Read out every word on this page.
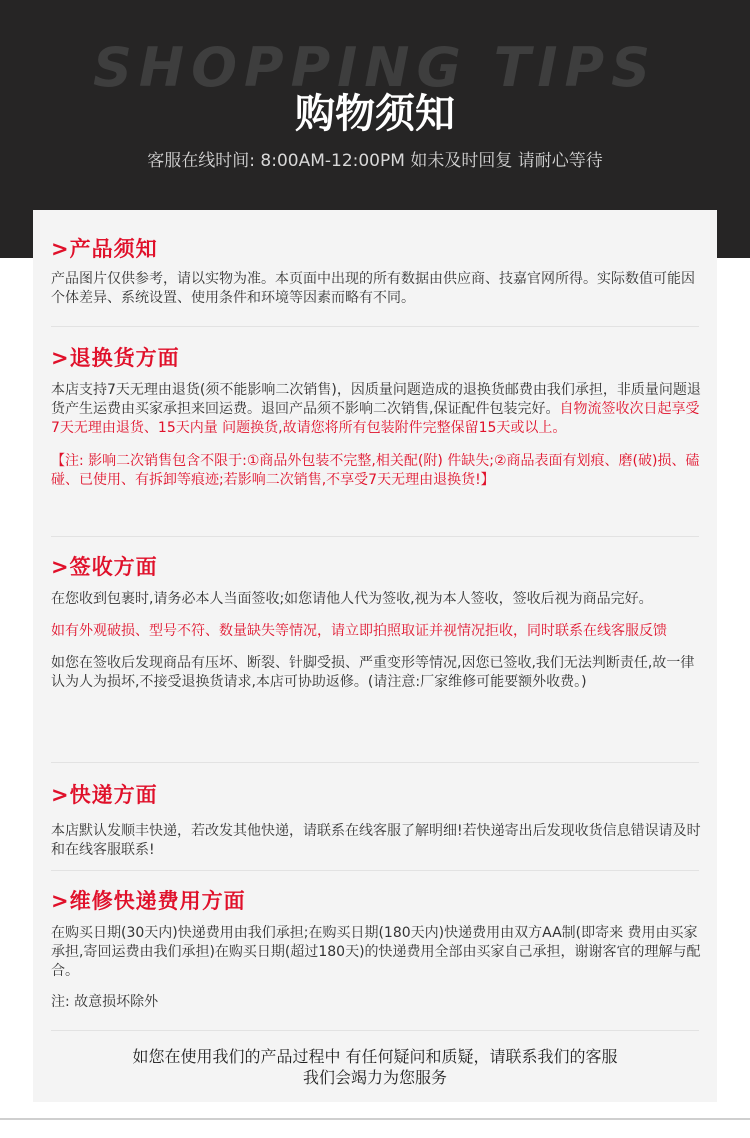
SHOPPING TIPS
购物须知
客服在线时间: 8:00AM-12:00PM 如未及时回复 请耐心等待
>产品须知

产品图片仅供参考，请以实物为准。本页面中出现的所有数据由供应商、技嘉官网所得。实际数值可能因个体差异、系统设置、使用条件和环境等因素而略有不同。

>退换货方面

本店支持7天无理由退货(须不能影响二次销售)，因质量问题造成的退换货邮费由我们承担，非质量问题退货产生运费由买家承担来回运费。退回产品须不影响二次销售,保证配件包装完好。自物流签收次日起享受7天无理由退货、15天内量 问题换货,故请您将所有包装附件完整保留15天或以上。

【注: 影响二次销售包含不限于:①商品外包装不完整,相关配(附) 件缺失;②商品表面有划痕、磨(破)损、磕碰、已使用、有拆卸等痕迹;若影响二次销售,不享受7天无理由退换货!】

>签收方面

在您收到包裹时,请务必本人当面签收;如您请他人代为签收,视为本人签收，签收后视为商品完好。

如有外观破损、型号不符、数量缺失等情况，请立即拍照取证并视情况拒收，同时联系在线客服反馈

如您在签收后发现商品有压坏、断裂、针脚受损、严重变形等情况,因您已签收,我们无法判断责任,故一律认为人为损坏,不接受退换货请求,本店可协助返修。(请注意:厂家维修可能要额外收费。)

>快递方面

本店默认发顺丰快递，若改发其他快递，请联系在线客服了解明细!若快递寄出后发现收货信息错误请及时和在线客服联系!

>维修快递费用方面

在购买日期(30天内)快递费用由我们承担;在购买日期(180天内)快递费用由双方AA制(即寄来 费用由买家承担,寄回运费由我们承担)在购买日期(超过180天)的快递费用全部由买家自己承担，谢谢客官的理解与配合。

注: 故意损坏除外

如您在使用我们的产品过程中 有任何疑问和质疑，请联系我们的客服
我们会竭力为您服务
